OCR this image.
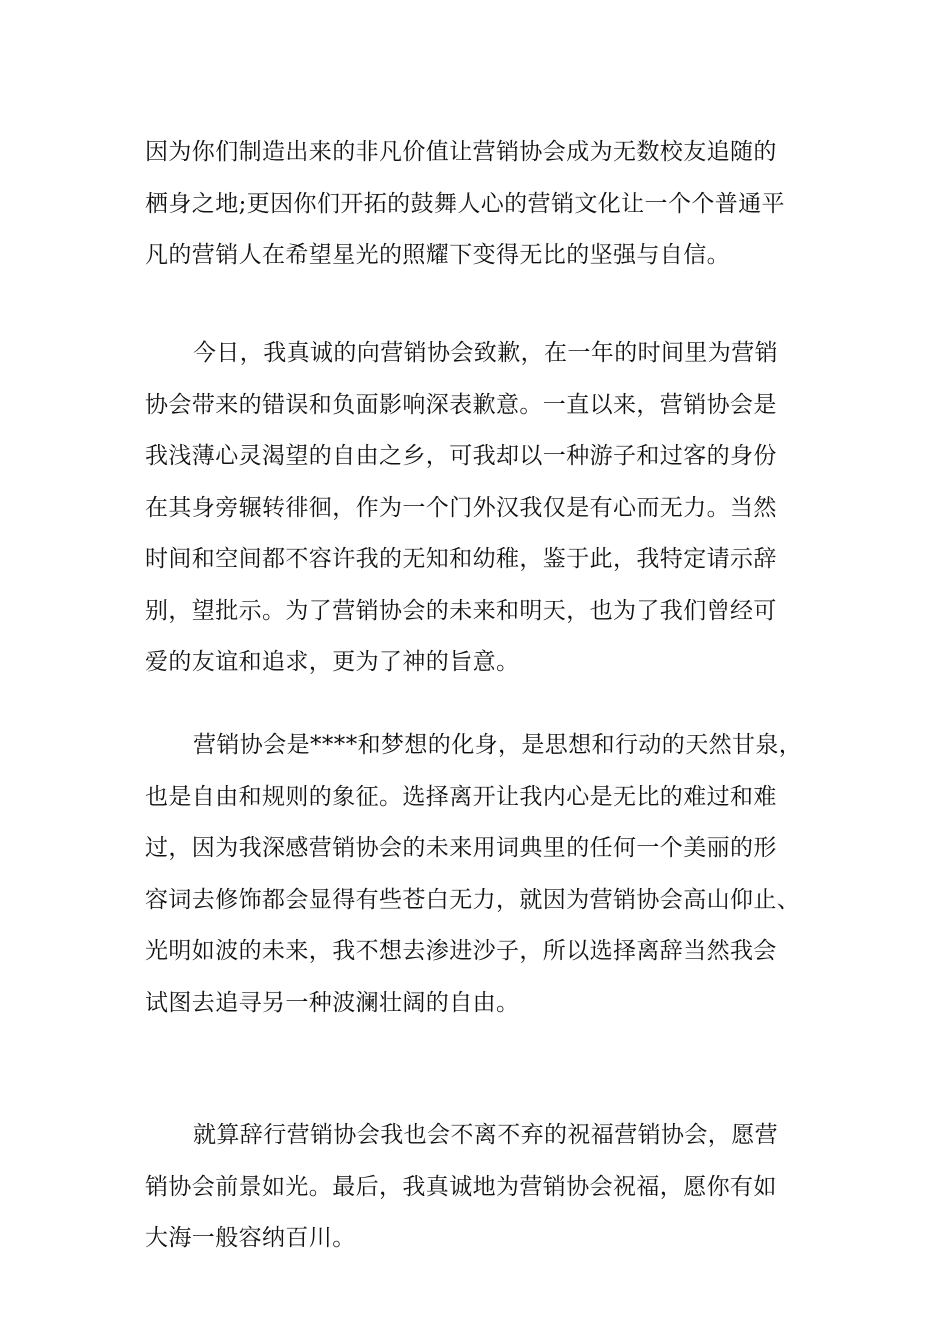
因为你们制造出来的非凡价值让营销协会成为无数校友追随的
栖身之地;更因你们开拓的鼓舞人心的营销文化让一个个普通平
凡的营销人在希望星光的照耀下变得无比的坚强与自信。

今日，我真诚的向营销协会致歉，在一年的时间里为营销
协会带来的错误和负面影响深表歉意。一直以来，营销协会是
我浅薄心灵渴望的自由之乡，可我却以一种游子和过客的身份
在其身旁辗转徘徊，作为一个门外汉我仅是有心而无力。当然
时间和空间都不容许我的无知和幼稚，鉴于此，我特定请示辞
别，望批示。为了营销协会的未来和明天，也为了我们曾经可
爱的友谊和追求，更为了神的旨意。

营销协会是****和梦想的化身，是思想和行动的天然甘泉，
也是自由和规则的象征。选择离开让我内心是无比的难过和难
过，因为我深感营销协会的未来用词典里的任何一个美丽的形
容词去修饰都会显得有些苍白无力，就因为营销协会高山仰止、
光明如波的未来，我不想去渗进沙子，所以选择离辞当然我会
试图去追寻另一种波澜壮阔的自由。

就算辞行营销协会我也会不离不弃的祝福营销协会，愿营
销协会前景如光。最后，我真诚地为营销协会祝福，愿你有如
大海一般容纳百川。
